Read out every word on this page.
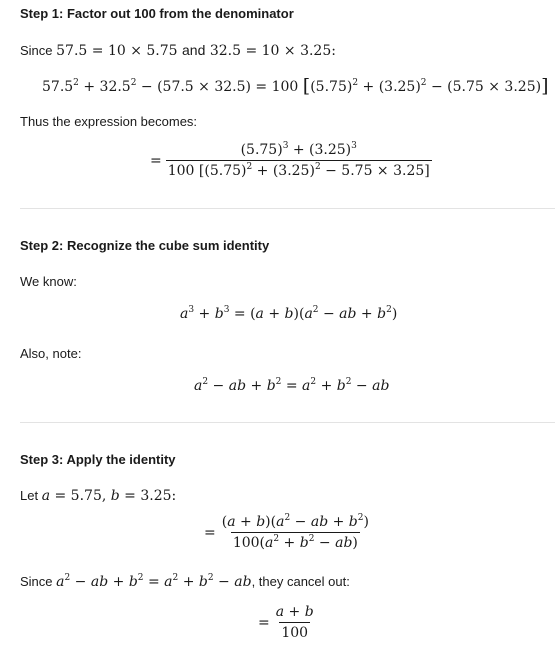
Step 1: Factor out 100 from the denominator
Since 57.5 = 10 × 5.75 and 32.5 = 10 × 3.25:
$57.5^2 + 32.5^2 - (57.5 \times 32.5) = 100$ $[(5.75)^2 + (3.25)^2 - (5.75 \times 3.25)]$
Thus the expression becomes:
= $\frac{(5.75)^3 + (3.25)^3}{100 [(5.75)^2 + (3.25)^2 - 5.75 \times 3.25]}$
Step 2: Recognize the cube sum identity
We know:
$a^3 + b^3 = (a + b)(a^2$ − ab + $b^2$)
Also, note:
$a^2$ − ab + $b^2 = a^2 + b^2$ − ab
Step 3: Apply the identity
Let a = 5.75, b = 3.25:
= $\frac{(a + b)(a^2 - ab + b^2)}{100(a^2 + b^2 - ab)}$
Since $a^2$ − ab + $b^2 = a^2 + b^2$ − ab, they cancel out:
= $\frac{a + b}{100}$
